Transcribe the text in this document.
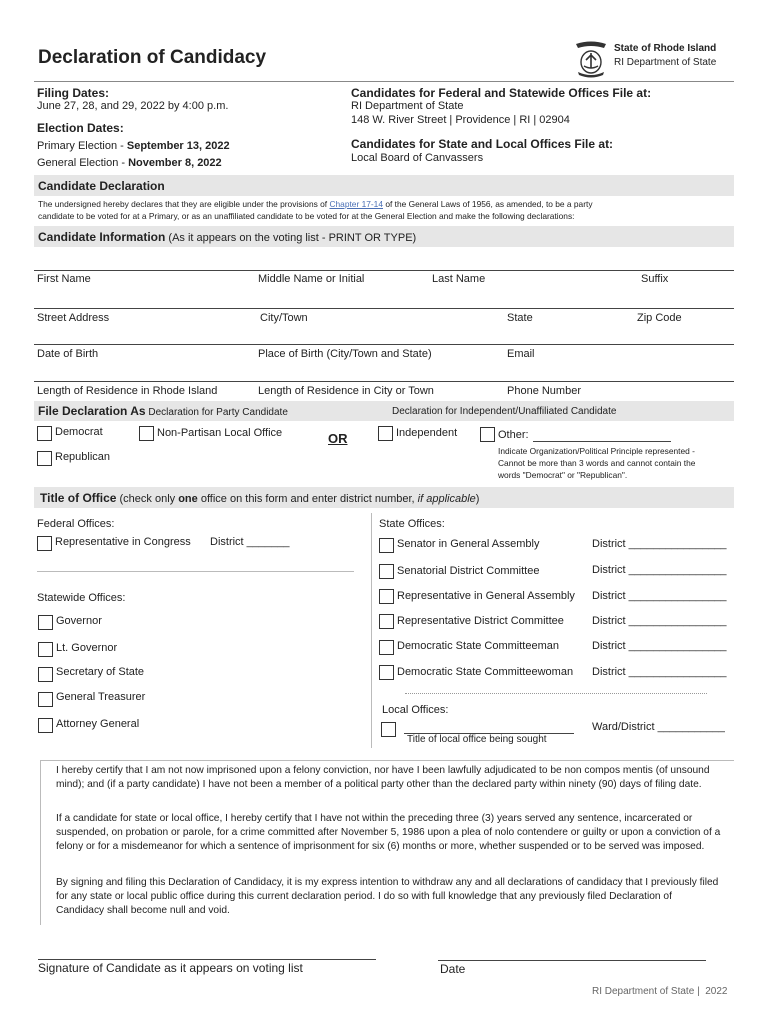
Declaration of Candidacy	State of Rhode Island
RI Department of State
Filing Dates:
June 27, 28, and 29, 2022 by 4:00 p.m.
Election Dates:
Primary Election - September 13, 2022
General Election - November 8, 2022
Candidates for Federal and Statewide Offices File at:
RI Department of State
148 W. River Street | Providence | RI | 02904
Candidates for State and Local Offices File at:
Local Board of Canvassers
Candidate Declaration
The undersigned hereby declares that they are eligible under the provisions of Chapter 17-14 of the General Laws of 1956, as amended, to be a party
candidate to be voted for at a Primary, or as an unaffiliated candidate to be voted for at the General Election and make the following declarations:
Candidate Information (As it appears on the voting list - PRINT OR TYPE)
First Name	Middle Name or Initial	Last Name	Suffix
Street Address	City/Town	State	Zip Code
Date of Birth	Place of Birth (City/Town and State)	Email
Length of Residence in Rhode Island	Length of Residence in City or Town	Phone Number
File Declaration As Declaration for Party Candidate	Declaration for Independent/Unaffiliated Candidate
Democrat	Non-Partisan Local Office	OR	Independent	Other:
Indicate Organization/Political Principle represented -
Cannot be more than 3 words and cannot contain the
words "Democrat" or "Republican".
Republican
Title of Office (check only one office on this form and enter district number, if applicable)
Federal Offices:
Representative in Congress District _______
Statewide Offices:
Governor
Lt. Governor
Secretary of State
General Treasurer
Attorney General
State Offices:
Senator in General Assembly	District ________________
Senatorial District Committee	District ________________
Representative in General Assembly District ________________
Representative District Committee	District ________________
Democratic State Committeeman	District ________________
Democratic State Committeewoman District ________________
Local Offices:
Title of local office being sought
Ward/District ___________
I hereby certify that I am not now imprisoned upon a felony conviction, nor have I been lawfully adjudicated to be non compos mentis (of unsound mind); and (if a party candidate) I have not been a member of a political party other than the declared party within ninety (90) days of filing date.
If a candidate for state or local office, I hereby certify that I have not within the preceding three (3) years served any sentence, incarcerated or suspended, on probation or parole, for a crime committed after November 5, 1986 upon a plea of nolo contendere or guilty or upon a conviction of a felony or for a misdemeanor for which a sentence of imprisonment for six (6) months or more, whether suspended or to be served was imposed.
By signing and filing this Declaration of Candidacy, it is my express intention to withdraw any and all declarations of candidacy that I previously filed for any state or local public office during this current declaration period. I do so with full knowledge that any previously filed Declaration of Candidacy shall become null and void.
Signature of Candidate as it appears on voting list	Date
RI Department of State | 2022
